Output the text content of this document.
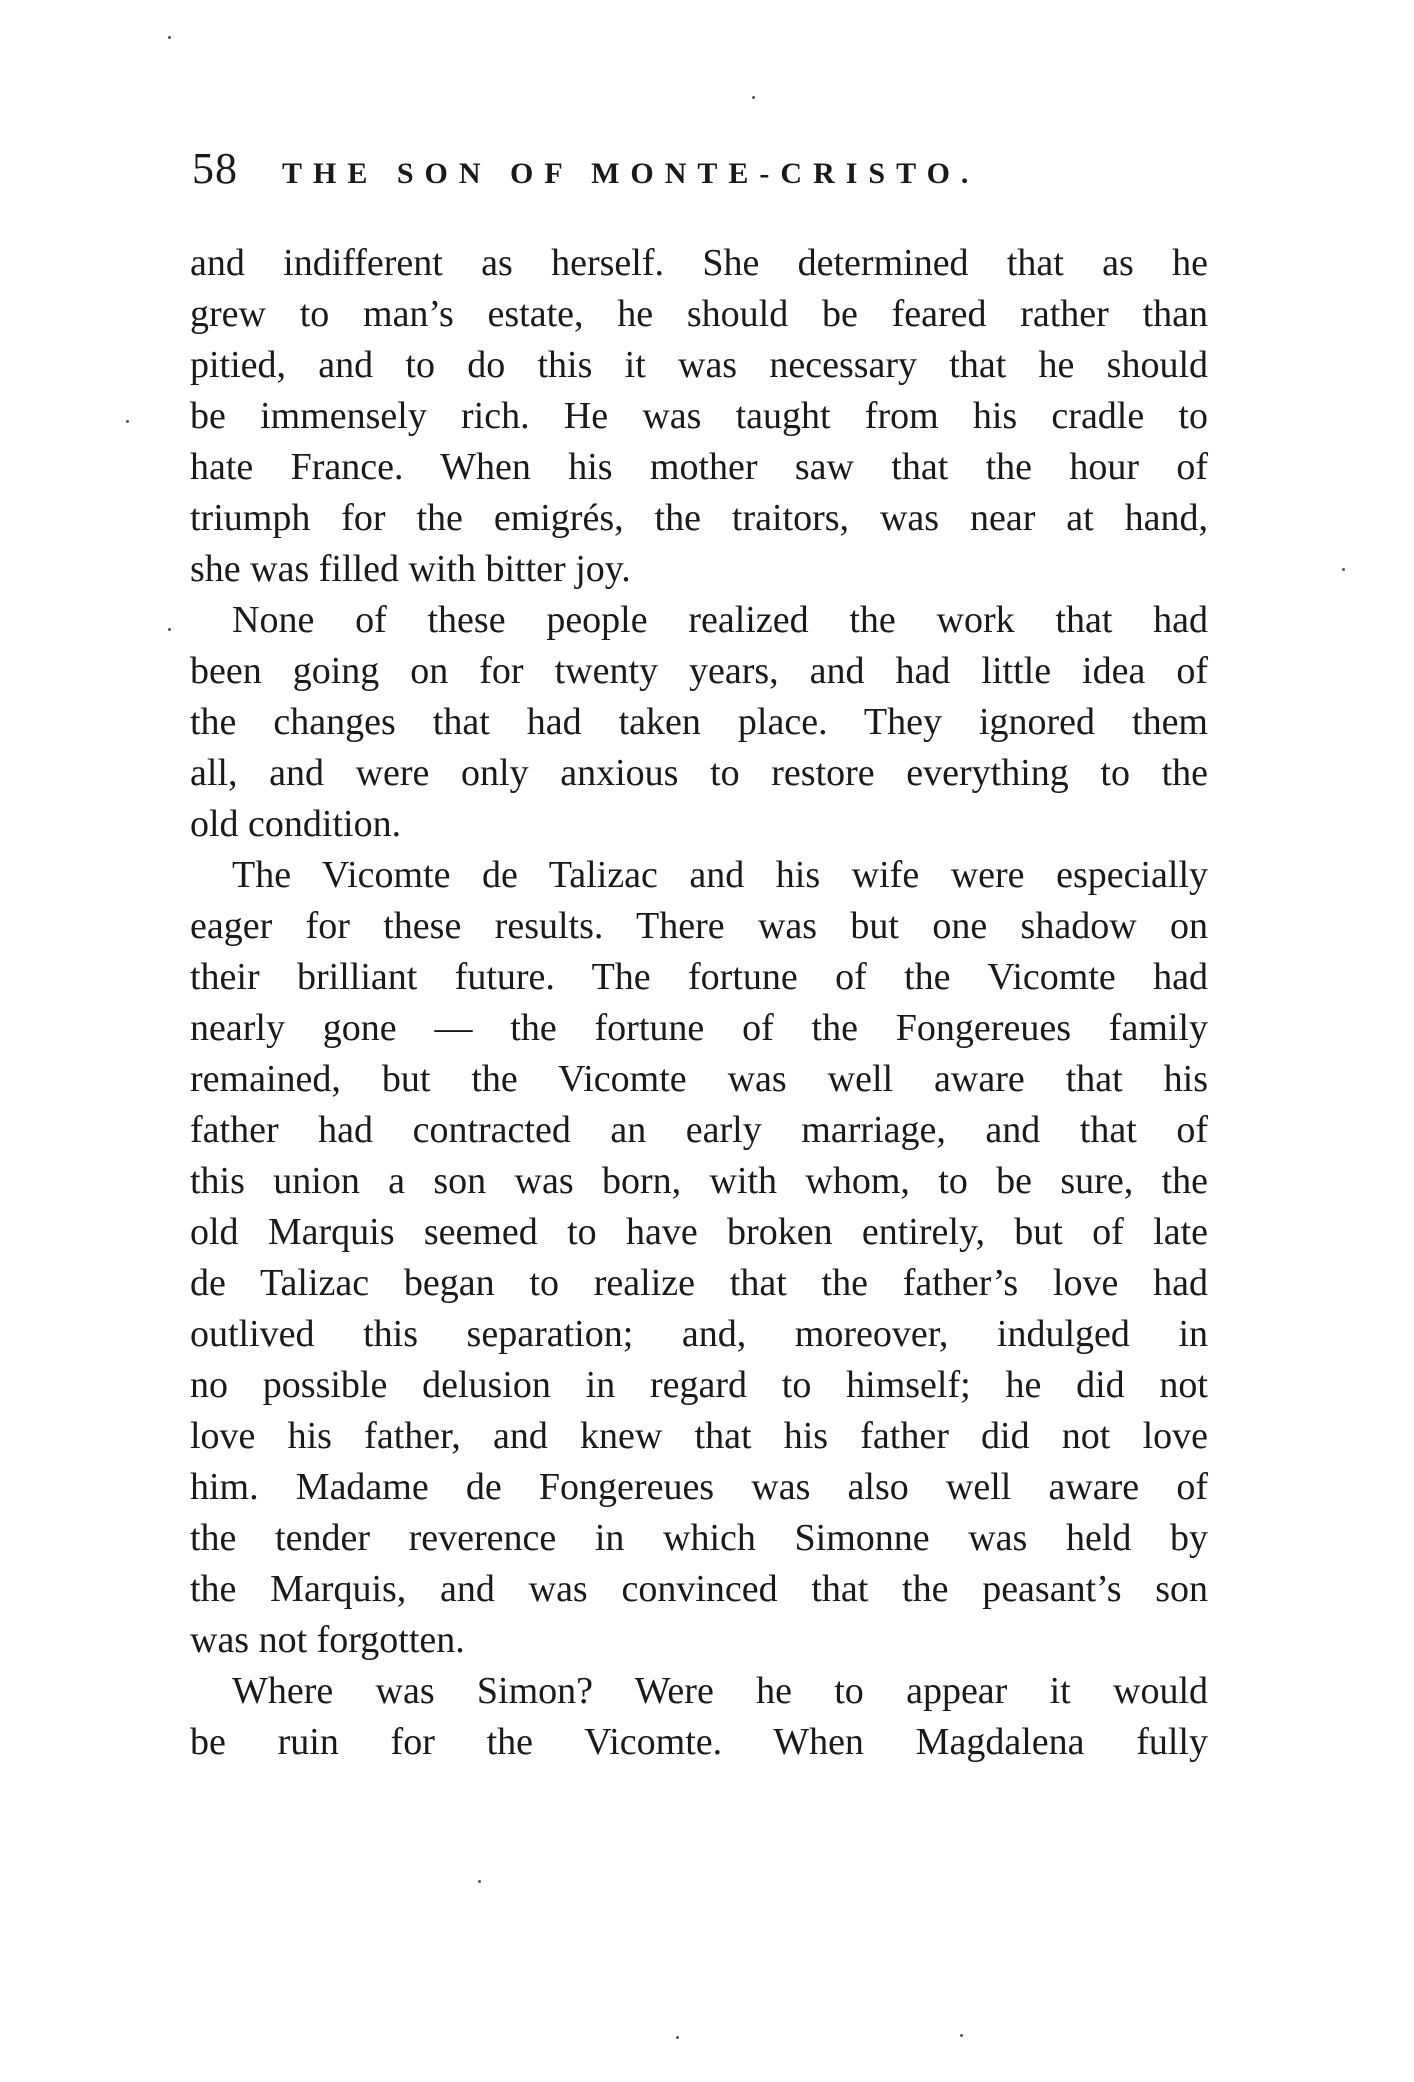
58 THE SON OF MONTE-CRISTO.
and indifferent as herself. She determined that as he
grew to man’s estate, he should be feared rather than
pitied, and to do this it was necessary that he should
be immensely rich. He was taught from his cradle to
hate France. When his mother saw that the hour of
triumph for the emigrés, the traitors, was near at hand,
she was filled with bitter joy.
None of these people realized the work that had
been going on for twenty years, and had little idea of
the changes that had taken place. They ignored them
all, and were only anxious to restore everything to the
old condition.
The Vicomte de Talizac and his wife were especially
eager for these results. There was but one shadow on
their brilliant future. The fortune of the Vicomte had
nearly gone — the fortune of the Fongereues family
remained, but the Vicomte was well aware that his
father had contracted an early marriage, and that of
this union a son was born, with whom, to be sure, the
old Marquis seemed to have broken entirely, but of late
de Talizac began to realize that the father’s love had
outlived this separation; and, moreover, indulged in
no possible delusion in regard to himself; he did not
love his father, and knew that his father did not love
him. Madame de Fongereues was also well aware of
the tender reverence in which Simonne was held by
the Marquis, and was convinced that the peasant’s son
was not forgotten.
Where was Simon? Were he to appear it would
be ruin for the Vicomte. When Magdalena fully
